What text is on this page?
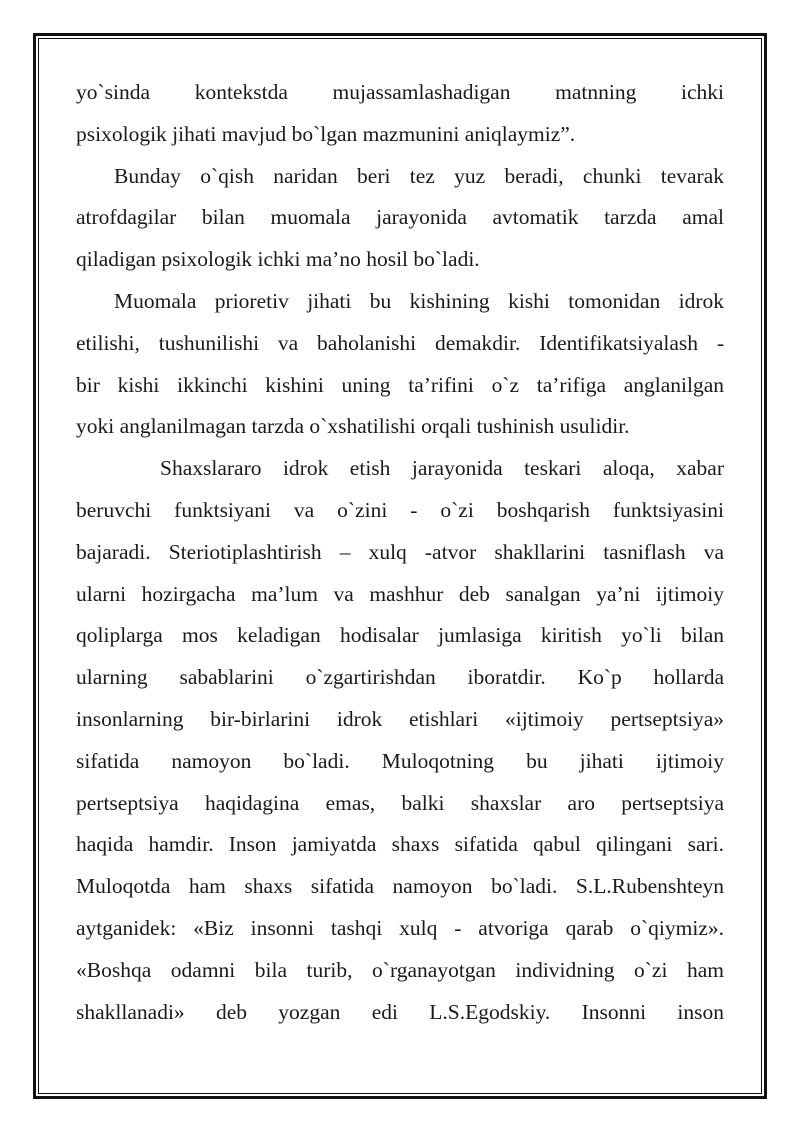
yo`sinda kontekstda mujassamlashadigan matnning ichki
psixologik jihati mavjud bo`lgan mazmunini aniqlaymiz”.
Bunday o`qish naridan beri tez yuz beradi, chunki tevarak
atrofdagilar bilan muomala jarayonida avtomatik tarzda amal
qiladigan psixologik ichki ma’no hosil bo`ladi.
Muomala prioretiv jihati bu kishining kishi tomonidan idrok
etilishi, tushunilishi va baholanishi demakdir. Identifikatsiyalash -
bir kishi ikkinchi kishini uning ta’rifini o`z ta’rifiga anglanilgan
yoki anglanilmagan tarzda o`xshatilishi orqali tushinish usulidir.
Shaxslararo idrok etish jarayonida teskari aloqa, xabar
beruvchi funktsiyani va o`zini - o`zi boshqarish funktsiyasini
bajaradi. Steriotiplashtirish – xulq -atvor shakllarini tasniflash va
ularni hozirgacha ma’lum va mashhur deb sanalgan ya’ni ijtimoiy
qoliplarga mos keladigan hodisalar jumlasiga kiritish yo`li bilan
ularning sabablarini o`zgartirishdan iboratdir. Ko`p hollarda
insonlarning bir-birlarini idrok etishlari «ijtimoiy pertseptsiya»
sifatida namoyon bo`ladi. Muloqotning bu jihati ijtimoiy
pertseptsiya haqidagina emas, balki shaxslar aro pertseptsiya
haqida hamdir. Inson jamiyatda shaxs sifatida qabul qilingani sari.
Muloqotda ham shaxs sifatida namoyon bo`ladi. S.L.Rubenshteyn
aytganidek: «Biz insonni tashqi xulq - atvoriga qarab o`qiymiz».
«Boshqa odamni bila turib, o`rganayotgan individning o`zi ham
shakllanadi» deb yozgan edi L.S.Egodskiy. Insonni inson
